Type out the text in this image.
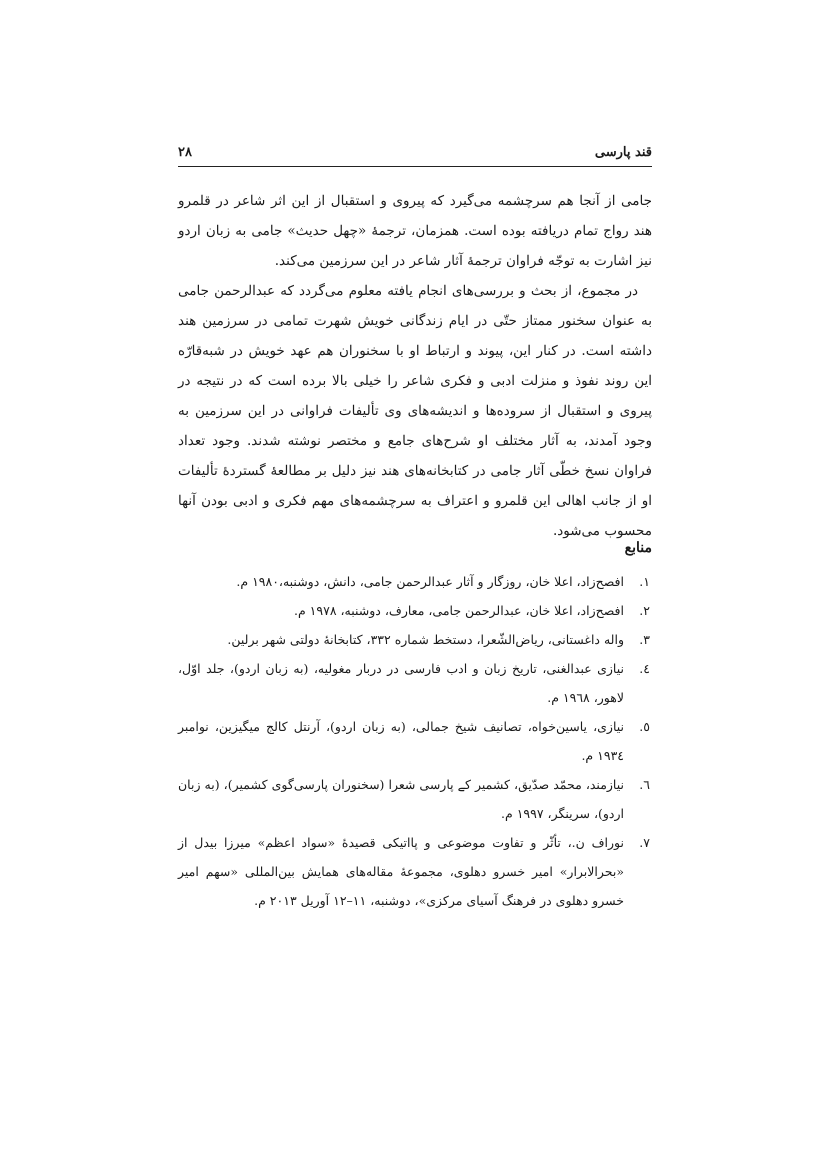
قند پارسی
۲۸

جامی از آنجا هم سرچشمه می‌گیرد که پیروی و استقبال از این اثر شاعر در قلمرو هند رواج تمام دریافته بوده است. همزمان، ترجمهٔ «چهل حدیث» جامی به زبان اردو نیز اشارت به توجّه فراوان ترجمهٔ آثار شاعر در این سرزمین می‌کند.

در مجموع، از بحث و بررسی‌های انجام یافته معلوم می‌گردد که عبدالرحمن جامی به عنوان سخنور ممتاز حتّی در ایام زندگانی خویش شهرت تمامی در سرزمین هند داشته است. در کنار این، پیوند و ارتباط او با سخنوران هم عهد خویش در شبه‌قارّه این روند نفوذ و منزلت ادبی و فکری شاعر را خیلی بالا برده است که در نتیجه در پیروی و استقبال از سروده‌ها و اندیشه‌های وی تألیفات فراوانی در این سرزمین به وجود آمدند، به آثار مختلف او شرح‌های جامع و مختصر نوشته شدند. وجود تعداد فراوان نسخ خطّی آثار جامی در کتابخانه‌های هند نیز دلیل بر مطالعهٔ گستردهٔ تألیفات او از جانب اهالی این قلمرو و اعتراف به سرچشمه‌های مهم فکری و ادبی بودن آنها محسوب می‌شود.

منابع
۱.
افصح‌زاد، اعلا خان، روزگار و آثار عبدالرحمن جامی، دانش، دوشنبه،۱۹۸۰ م.
۲.
افصح‌زاد، اعلا خان، عبدالرحمن جامی، معارف، دوشنبه، ۱۹۷۸ م.
۳.
واله داغستانی، ریاض‌الشّعرا، دستخط شماره ۳۳۲، کتابخانهٔ دولتی شهر برلین.
٤.
نیازی عبدالغنی، تاریخ زبان و ادب فارسی در دربار مغولیه، (به زبان اردو)، جلد اوّل، لاهور، ١٩٦٨ م.
٥.
نیازی، یاسین‌خواه، تصانیف شیخ جمالی، (به زبان اردو)، آرنتل کالج میگیزین، نوامبر ١٩٣٤ م.
٦.
نیازمند، محمّد صدّیق، کشمیر کے پارسی شعرا (سخنوران پارسی‌گوی کشمیر)، (به زبان اردو)، سرینگر، ۱۹۹۷ م.
٧.
نوراف ن.، تأثّر و تفاوت موضوعی و پااتیکی قصیدهٔ «سواد اعظم» میرزا بیدل از «بحرالابرار» امیر خسرو دهلوی، مجموعهٔ مقاله‌های همایش بین‌المللی «سهم امیر خسرو دهلوی در فرهنگ آسیای مرکزی»، دوشنبه، ۱۱–۱۲ آوریل ۲۰۱۳ م.
